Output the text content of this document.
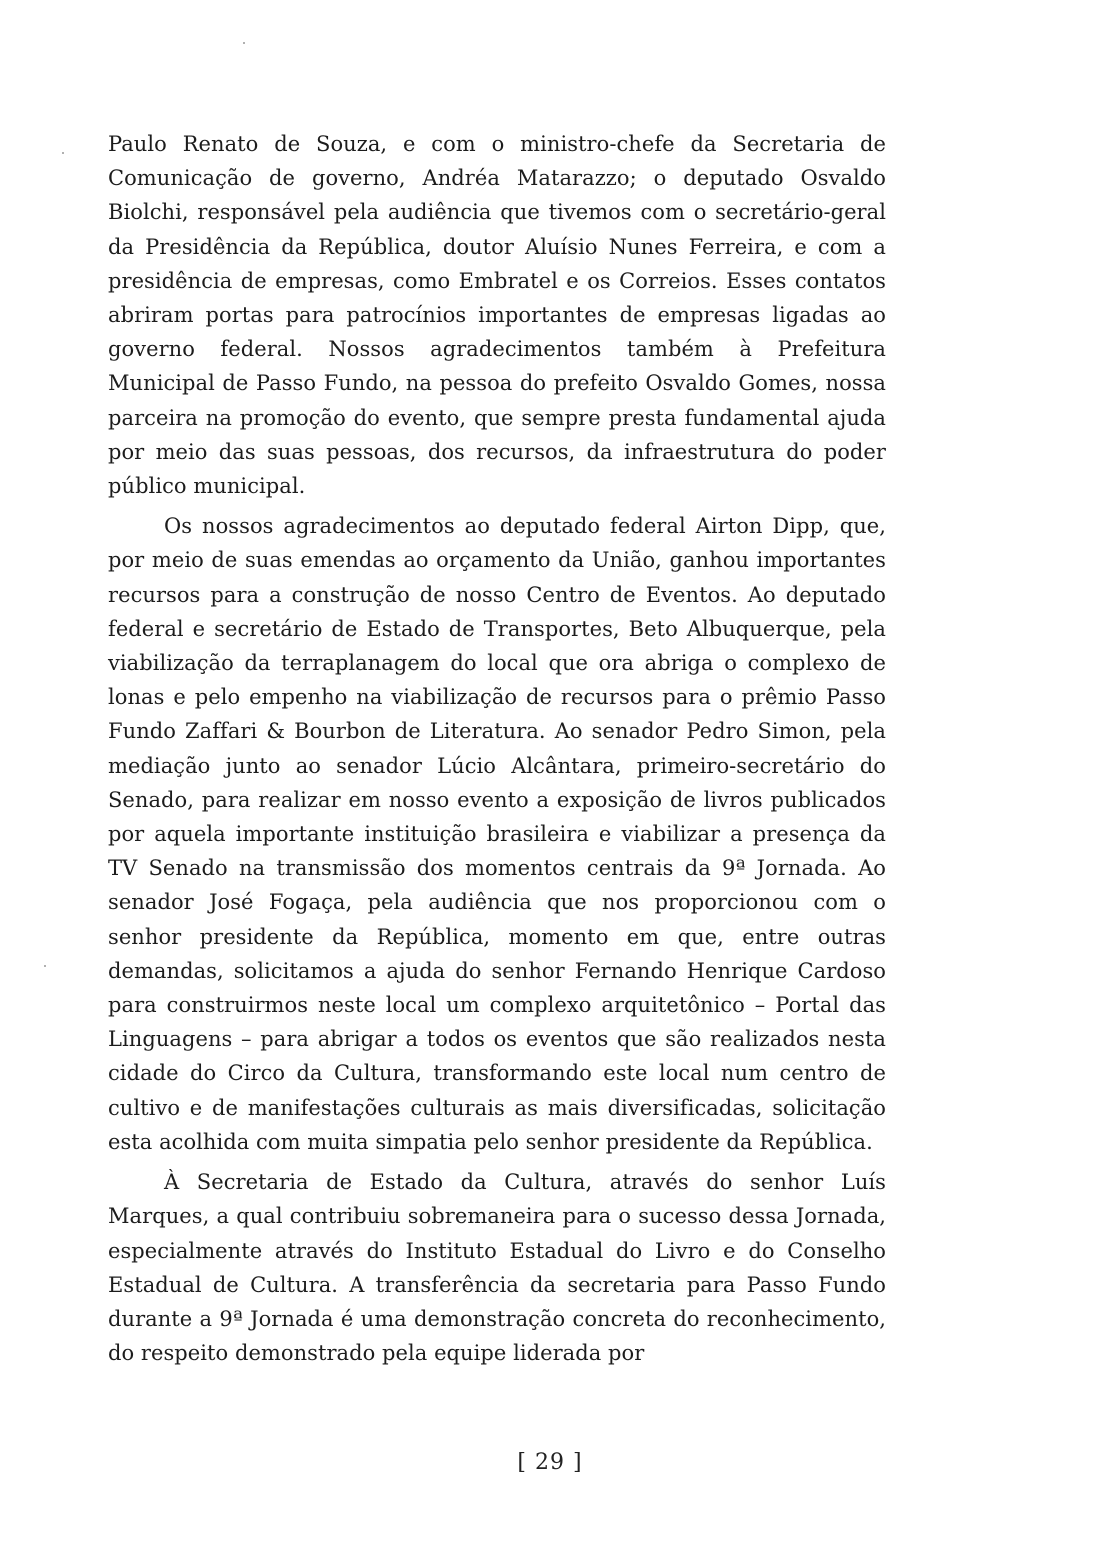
Paulo Renato de Souza, e com o ministro-chefe da Secretaria de Comunicação de governo, Andréa Matarazzo; o deputado Osvaldo Biolchi, responsável pela audiência que tivemos com o secretário-geral da Presidência da República, doutor Aluísio Nunes Ferreira, e com a presidência de empresas, como Embratel e os Correios. Esses contatos abriram portas para patrocínios importantes de empresas ligadas ao governo federal. Nossos agradecimentos também à Prefeitura Municipal de Passo Fundo, na pessoa do prefeito Osvaldo Gomes, nossa parceira na promoção do evento, que sempre presta fundamental ajuda por meio das suas pessoas, dos recursos, da infraestrutura do poder público municipal.

Os nossos agradecimentos ao deputado federal Airton Dipp, que, por meio de suas emendas ao orçamento da União, ganhou importantes recursos para a construção de nosso Centro de Eventos. Ao deputado federal e secretário de Estado de Transportes, Beto Albuquerque, pela viabilização da terraplanagem do local que ora abriga o complexo de lonas e pelo empenho na viabilização de recursos para o prêmio Passo Fundo Zaffari & Bourbon de Literatura. Ao senador Pedro Simon, pela mediação junto ao senador Lúcio Alcântara, primeiro-secretário do Senado, para realizar em nosso evento a exposição de livros publicados por aquela importante instituição brasileira e viabilizar a presença da TV Senado na transmissão dos momentos centrais da 9ª Jornada. Ao senador José Fogaça, pela audiência que nos proporcionou com o senhor presidente da República, momento em que, entre outras demandas, solicitamos a ajuda do senhor Fernando Henrique Cardoso para construirmos neste local um complexo arquitetônico – Portal das Linguagens – para abrigar a todos os eventos que são realizados nesta cidade do Circo da Cultura, transformando este local num centro de cultivo e de manifestações culturais as mais diversificadas, solicitação esta acolhida com muita simpatia pelo senhor presidente da República.

À Secretaria de Estado da Cultura, através do senhor Luís Marques, a qual contribuiu sobremaneira para o sucesso dessa Jornada, especialmente através do Instituto Estadual do Livro e do Conselho Estadual de Cultura. A transferência da secretaria para Passo Fundo durante a 9ª Jornada é uma demonstração concreta do reconhecimento, do respeito demonstrado pela equipe liderada por

[ 29 ]
